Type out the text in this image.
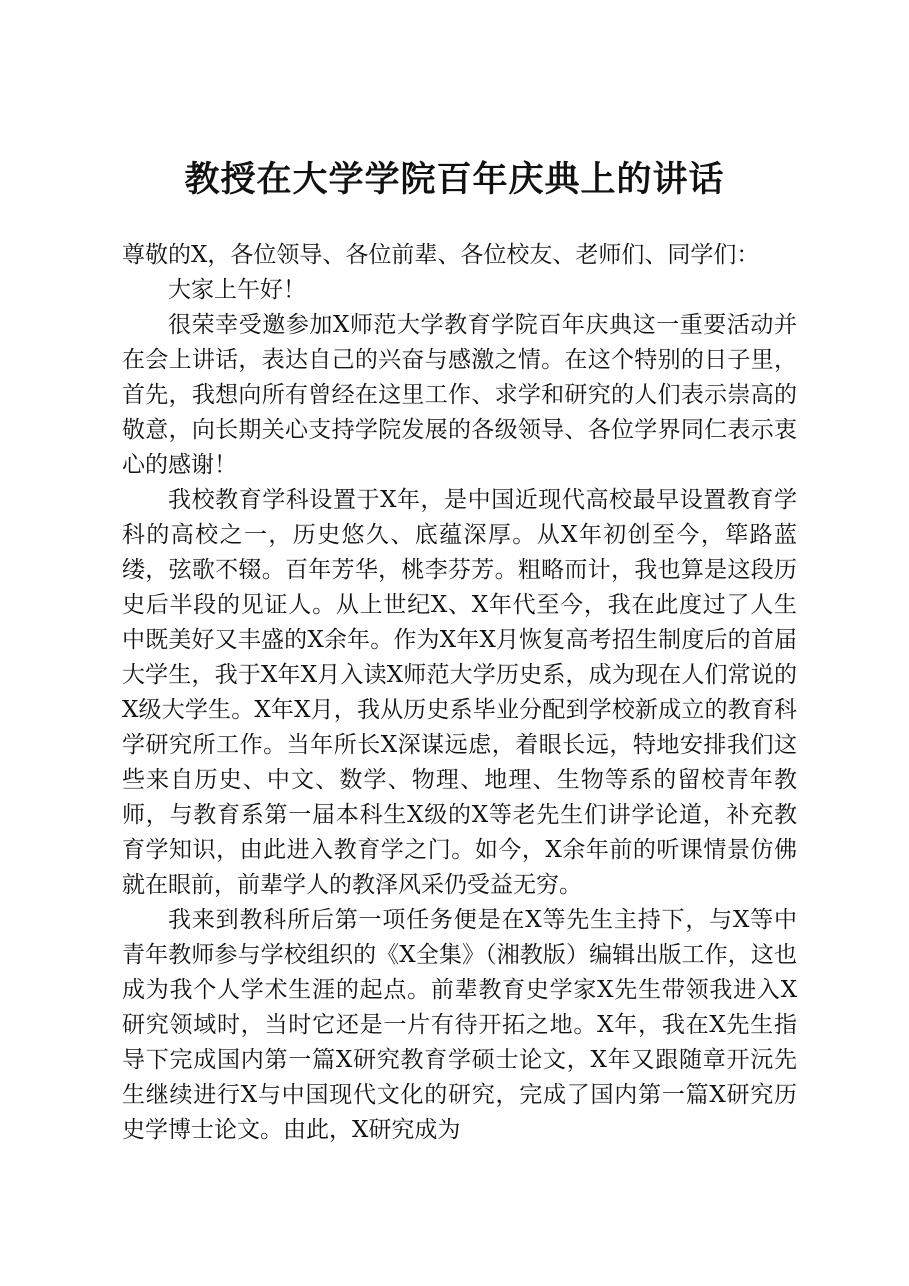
教授在大学学院百年庆典上的讲话

尊敬的X，各位领导、各位前辈、各位校友、老师们、同学们：

大家上午好！

很荣幸受邀参加X师范大学教育学院百年庆典这一重要活动并在会上讲话，表达自己的兴奋与感激之情。在这个特别的日子里，首先，我想向所有曾经在这里工作、求学和研究的人们表示崇高的敬意，向长期关心支持学院发展的各级领导、各位学界同仁表示衷心的感谢！

我校教育学科设置于X年，是中国近现代高校最早设置教育学科的高校之一，历史悠久、底蕴深厚。从X年初创至今，筚路蓝缕，弦歌不辍。百年芳华，桃李芬芳。粗略而计，我也算是这段历史后半段的见证人。从上世纪X、X年代至今，我在此度过了人生中既美好又丰盛的X余年。作为X年X月恢复高考招生制度后的首届大学生，我于X年X月入读X师范大学历史系，成为现在人们常说的X级大学生。X年X月，我从历史系毕业分配到学校新成立的教育科学研究所工作。当年所长X深谋远虑，着眼长远，特地安排我们这些来自历史、中文、数学、物理、地理、生物等系的留校青年教师，与教育系第一届本科生X级的X等老先生们讲学论道，补充教育学知识，由此进入教育学之门。如今，X余年前的听课情景仿佛就在眼前，前辈学人的教泽风采仍受益无穷。

我来到教科所后第一项任务便是在X等先生主持下，与X等中青年教师参与学校组织的《X全集》（湘教版）编辑出版工作，这也成为我个人学术生涯的起点。前辈教育史学家X先生带领我进入X研究领域时，当时它还是一片有待开拓之地。X年，我在X先生指导下完成国内第一篇X研究教育学硕士论文，X年又跟随章开沅先生继续进行X与中国现代文化的研究，完成了国内第一篇X研究历史学博士论文。由此，X研究成为
